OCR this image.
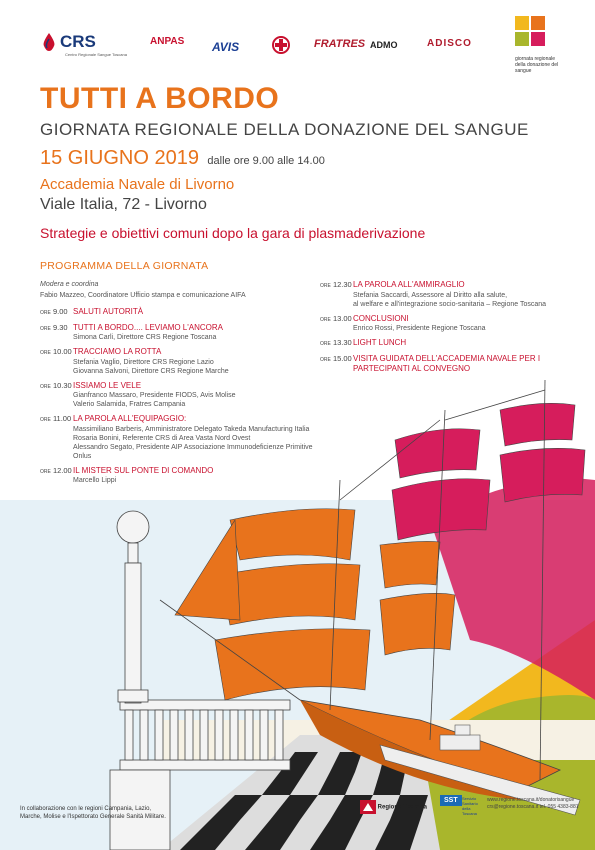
CRS
Centro Regionale Sangue Toscana
ANPAS AVIS	FRATRES ADMO	ADISCO
giornata regionale della donazione del sangue
TUTTI A BORDO
GIORNATA REGIONALE DELLA DONAZIONE DEL SANGUE
15 GIUGNO 2019 dalle ore 9.00 alle 14.00
Accademia Navale di Livorno
Viale Italia, 72 - Livorno
Strategie e obiettivi comuni dopo la gara di plasmaderivazione
PROGRAMMA DELLA GIORNATA
Modera e coordina
Fabio Mazzeo, Coordinatore Ufficio stampa e comunicazione AIFA
ORE 9.00 SALUTI AUTORITÀ
ORE 9.30 TUTTI A BORDO.... LEVIAMO L'ANCORA
Simona Carli, Direttore CRS Regione Toscana
ORE 10.00 TRACCIAMO LA ROTTA
Stefania Vaglio, Direttore CRS Regione Lazio
Giovanna Salvoni, Direttore CRS Regione Marche
ORE 10.30 ISSIAMO LE VELE
Gianfranco Massaro, Presidente FIODS, Avis Molise
Valerio Salamida, Fratres Campania
ORE 11.00 LA PAROLA ALL'EQUIPAGGIO:
Massimiliano Barberis, Amministratore Delegato Takeda Manufacturing Italia
Rosaria Bonini, Referente CRS di Area Vasta Nord Ovest
Alessandro Segato, Presidente AIP Associazione Immunodeficienze Primitive Onlus
ORE 12.00 IL MISTER SUL PONTE DI COMANDO
Marcello Lippi
ORE 12.30 LA PAROLA ALL'AMMIRAGLIO
Stefania Saccardi, Assessore al Diritto alla salute,
al welfare e all'integrazione socio-sanitaria – Regione Toscana
ORE 13.00 CONCLUSIONI
Enrico Rossi, Presidente Regione Toscana
ORE 13.30 LIGHT LUNCH
ORE 15.00 VISITA GUIDATA DELL'ACCADEMIA NAVALE PER I PARTECIPANTI AL CONVEGNO
In collaborazione con le regioni Campania, Lazio, Marche, Molise e l'Ispettorato Generale Sanità Militare.
Regione Toscana
SST	Servizio Sanitario della Toscana
www.regione.toscana.it/donatorisangue
crs@regione.toscana.it tel. 055 4383-881
